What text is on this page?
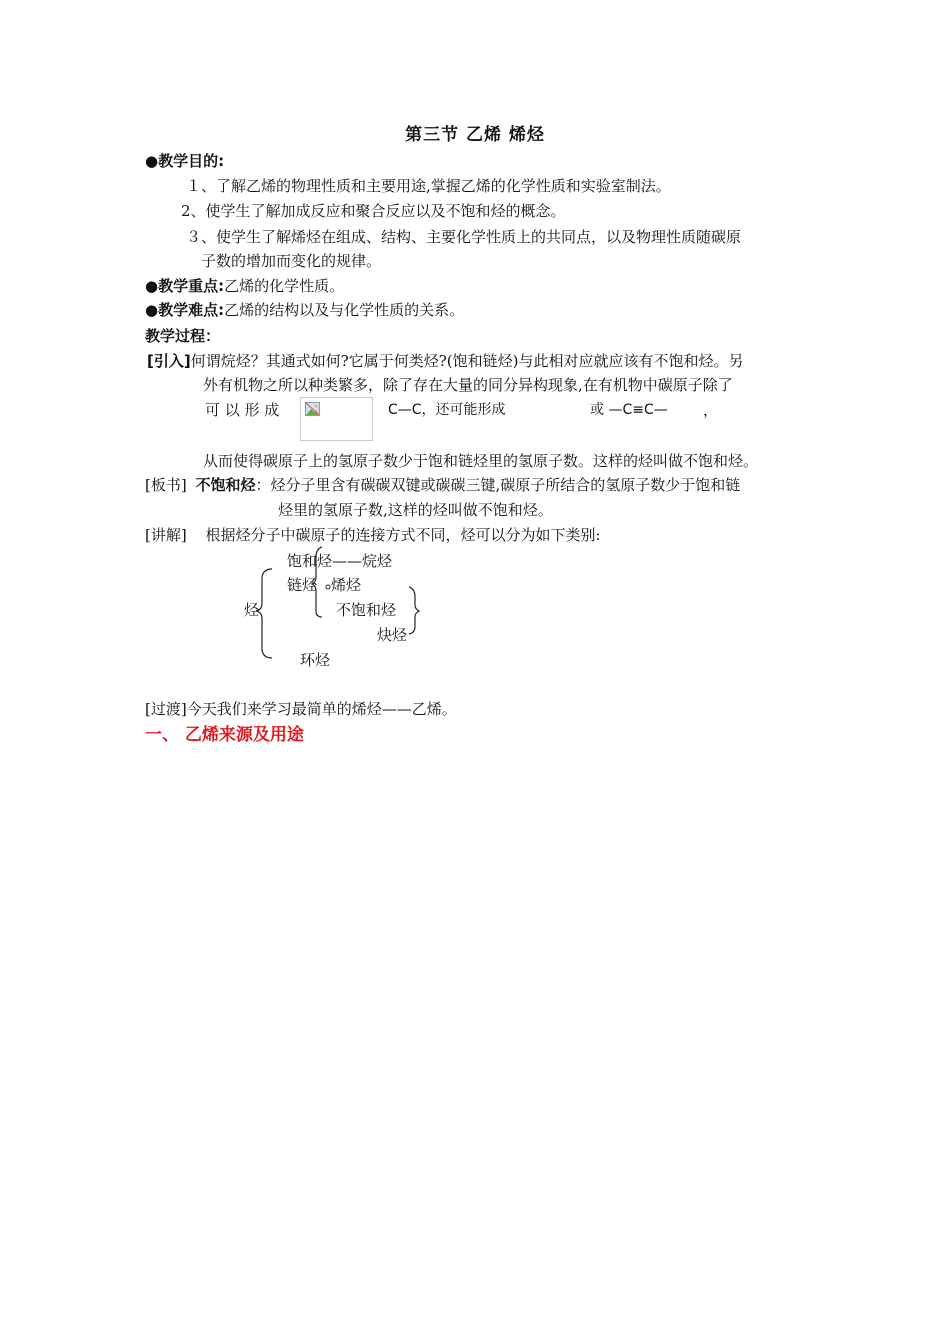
第三节 乙烯 烯烃
●教学目的:
１、了解乙烯的物理性质和主要用途,掌握乙烯的化学性质和实验室制法。
2、使学生了解加成反应和聚合反应以及不饱和烃的概念。
３、使学生了解烯烃在组成、结构、主要化学性质上的共同点，以及物理性质随碳原
子数的增加而变化的规律。
●教学重点:乙烯的化学性质。
●教学难点:乙烯的结构以及与化学性质的关系。
教学过程：
[引入]何谓烷烃？其通式如何?它属于何类烃?(饱和链烃)与此相对应就应该有不饱和烃。另
外有机物之所以种类繁多，除了存在大量的同分异构现象,在有机物中碳原子除了
可 以 形 成	C—C，还可能形成	或 —C≡C— ，
从而使得碳原子上的氢原子数少于饱和链烃里的氢原子数。这样的烃叫做不饱和烃。
[板书] 不饱和烃：烃分子里含有碳碳双键或碳碳三键,碳原子所结合的氢原子数少于饱和链
烃里的氢原子数,这样的烃叫做不饱和烃。
[讲解] 根据烃分子中碳原子的连接方式不同，烃可以分为如下类别:
饱和烃——烷烃
链烃 烯烃
烃	不饱和烃
炔烃
环烃
[过渡]今天我们来学习最简单的烯烃——乙烯。
一、 乙烯来源及用途
